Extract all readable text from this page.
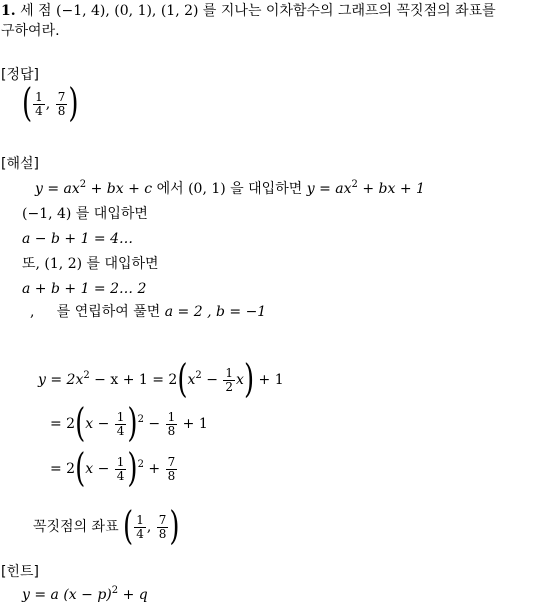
1. 세 점 (−1, 4), (0, 1), (1, 2) 를 지나는 이차함수의 그래프의 꼭짓점의 좌표를
구하여라.
[정답]
( $\frac{1}{4}$ , $\frac{7}{8}$ )
[해설]
$y = ax^2$ + bx + c 에서 (0, 1) 을 대입하면 $y = ax^2$ + bx + 1
(−1, 4) 를 대입하면
a − b + 1 = 4…
또, (1, 2) 를 대입하면
a + b + 1 = 2… 2
, 를 연립하여 풀면 a = 2 , b = −1
$y = 2x^2 - x + 1 = 2(x^2 - \frac{1}{2} x) + 1$
= $2(x - \frac{1}{4} )^2 - \frac{1}{8} + 1$
= $2(x - \frac{1}{4} )^2 + \frac{7}{8}$
꼭짓점의 좌표 ( $\frac{1}{4}$ , $\frac{7}{8}$ )
[힌트]
y = a $(x - p)^2 + q$
